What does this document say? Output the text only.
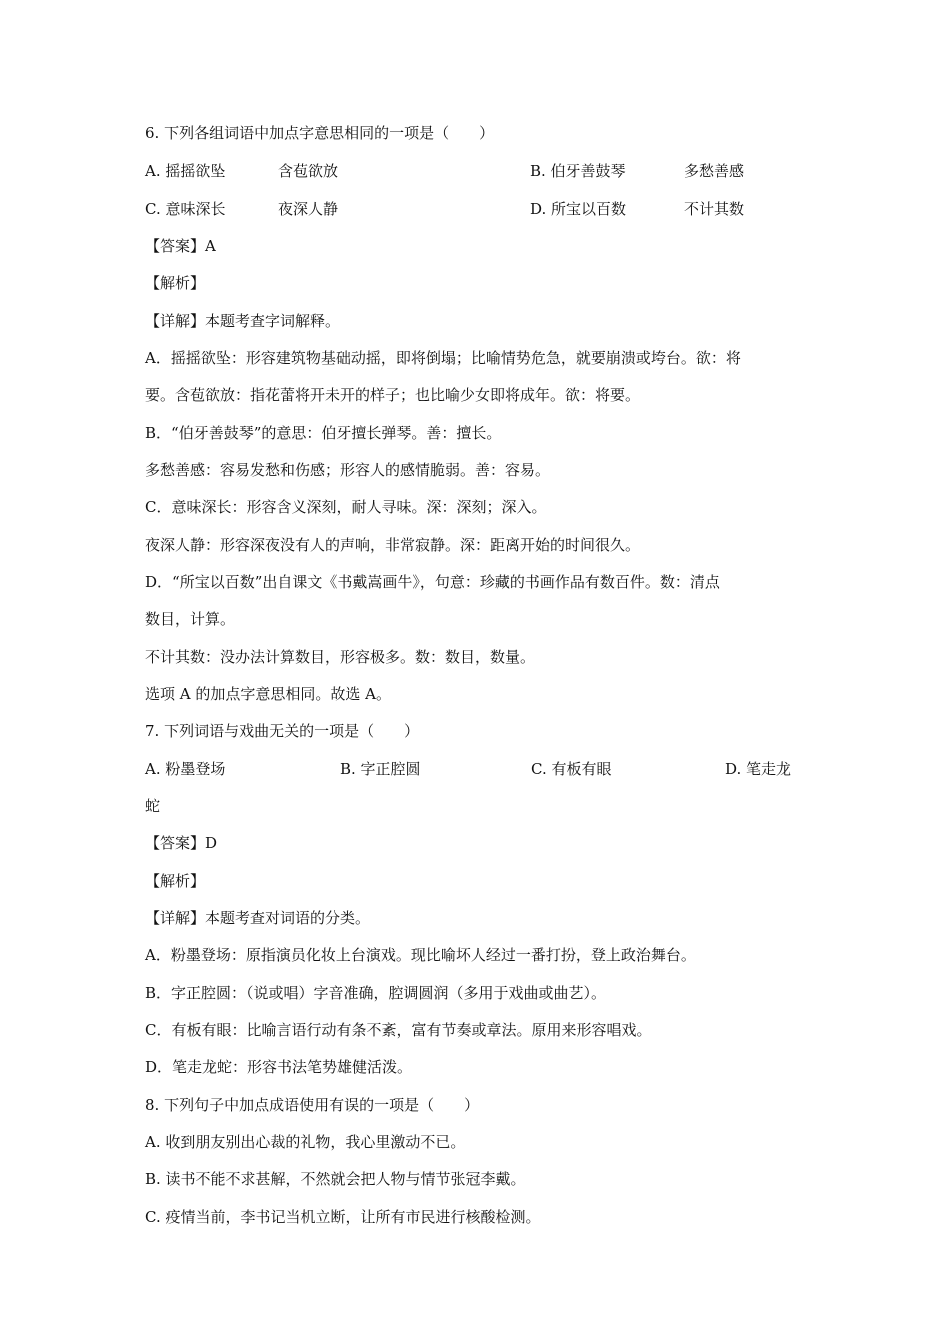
6. 下列各组词语中加点字意思相同的一项是（　　）
A. 摇摇欲坠	含苞欲放	B. 伯牙善鼓琴	多愁善感
C. 意味深长	夜深人静	D. 所宝以百数	不计其数
【答案】A
【解析】
【详解】本题考查字词解释。
A．摇摇欲坠：形容建筑物基础动摇，即将倒塌；比喻情势危急，就要崩溃或垮台。欲：将
要。含苞欲放：指花蕾将开未开的样子；也比喻少女即将成年。欲：将要。
B．“伯牙善鼓琴”的意思：伯牙擅长弹琴。善：擅长。
多愁善感：容易发愁和伤感；形容人的感情脆弱。善：容易。
C．意味深长：形容含义深刻，耐人寻味。深：深刻；深入。
夜深人静：形容深夜没有人的声响，非常寂静。深：距离开始的时间很久。
D．“所宝以百数”出自课文《书戴嵩画牛》，句意：珍藏的书画作品有数百件。数：清点
数目，计算。
不计其数：没办法计算数目，形容极多。数：数目，数量。
选项 A 的加点字意思相同。故选 A。
7. 下列词语与戏曲无关的一项是（　　）
A. 粉墨登场	B. 字正腔圆	C. 有板有眼	D. 笔走龙
蛇
【答案】D
【解析】
【详解】本题考查对词语的分类。
A．粉墨登场：原指演员化妆上台演戏。现比喻坏人经过一番打扮，登上政治舞台。
B．字正腔圆：（说或唱）字音准确，腔调圆润（多用于戏曲或曲艺）。
C．有板有眼：比喻言语行动有条不紊，富有节奏或章法。原用来形容唱戏。
D．笔走龙蛇：形容书法笔势雄健活泼。
8. 下列句子中加点成语使用有误的一项是（　　）
A. 收到朋友别出心裁的礼物，我心里激动不已。
B. 读书不能不求甚解，不然就会把人物与情节张冠李戴。
C. 疫情当前，李书记当机立断，让所有市民进行核酸检测。
